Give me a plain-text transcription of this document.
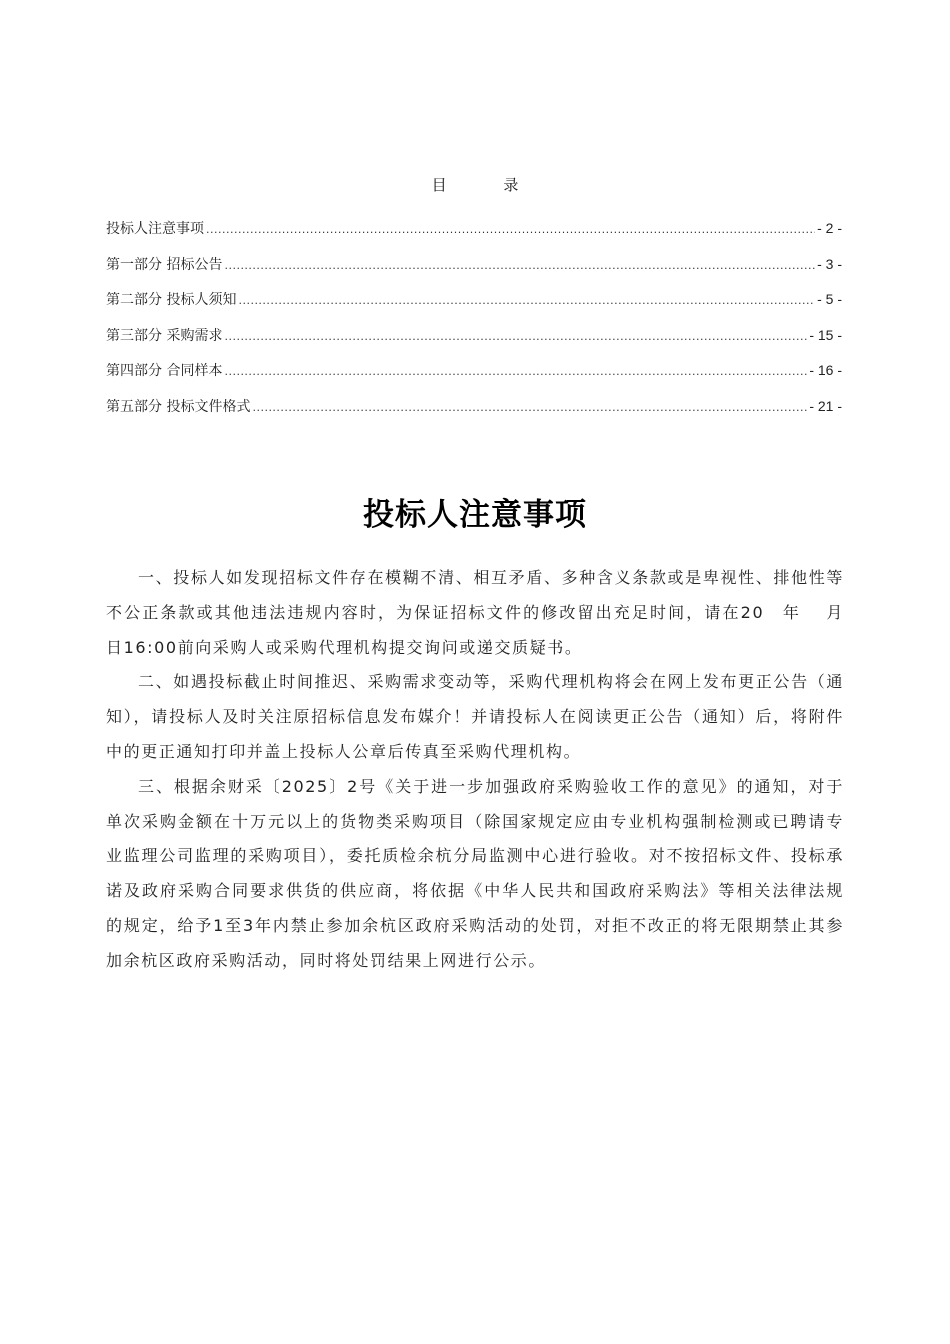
目 录
投标人注意事项 .....	- 2 -
第一部分 招标公告 .....	- 3 -
第二部分 投标人须知 .....	- 5 -
第三部分 采购需求 .....	- 15 -
第四部分 合同样本 .....	- 16 -
第五部分 投标文件格式 .....	- 21 -
投标人注意事项

一、投标人如发现招标文件存在模糊不清、相互矛盾、多种含义条款或是卑视性、排他性等不公正条款或其他违法违规内容时，为保证招标文件的修改留出充足时间，请在20　年　 月 日16:00前向采购人或采购代理机构提交询问或递交质疑书。

二、如遇投标截止时间推迟、采购需求变动等，采购代理机构将会在网上发布更正公告（通知），请投标人及时关注原招标信息发布媒介！并请投标人在阅读更正公告（通知）后，将附件中的更正通知打印并盖上投标人公章后传真至采购代理机构。

三、根据余财采〔2025〕2号《关于进一步加强政府采购验收工作的意见》的通知，对于单次采购金额在十万元以上的货物类采购项目（除国家规定应由专业机构强制检测或已聘请专业监理公司监理的采购项目），委托质检余杭分局监测中心进行验收。对不按招标文件、投标承诺及政府采购合同要求供货的供应商，将依据《中华人民共和国政府采购法》等相关法律法规的规定，给予1至3年内禁止参加余杭区政府采购活动的处罚，对拒不改正的将无限期禁止其参加余杭区政府采购活动，同时将处罚结果上网进行公示。
